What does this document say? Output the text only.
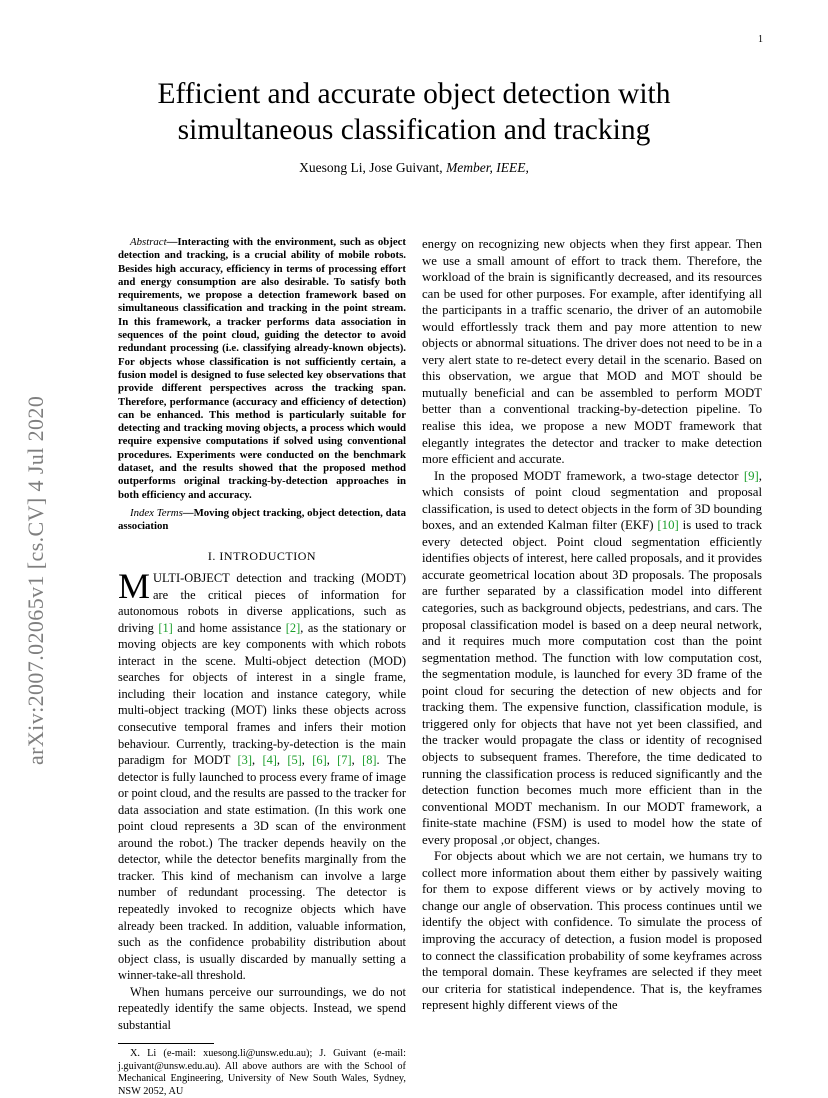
1
arXiv:2007.02065v1 [cs.CV] 4 Jul 2020
Efficient and accurate object detection with
simultaneous classification and tracking
Xuesong Li, Jose Guivant, Member, IEEE,

Abstract—Interacting with the environment, such as object detection and tracking, is a crucial ability of mobile robots. Besides high accuracy, efficiency in terms of processing effort and energy consumption are also desirable. To satisfy both requirements, we propose a detection framework based on simultaneous classification and tracking in the point stream. In this framework, a tracker performs data association in sequences of the point cloud, guiding the detector to avoid redundant processing (i.e. classifying already-known objects). For objects whose classification is not sufficiently certain, a fusion model is designed to fuse selected key observations that provide different perspectives across the tracking span. Therefore, performance (accuracy and efficiency of detection) can be enhanced. This method is particularly suitable for detecting and tracking moving objects, a process which would require expensive computations if solved using conventional procedures. Experiments were conducted on the benchmark dataset, and the results showed that the proposed method outperforms original tracking-by-detection approaches in both efficiency and accuracy.

Index Terms—Moving object tracking, object detection, data association

I. INTRODUCTION

MULTI-OBJECT detection and tracking (MODT) are the critical pieces of information for autonomous robots in diverse applications, such as driving [1] and home assistance [2], as the stationary or moving objects are key components with which robots interact in the scene. Multi-object detection (MOD) searches for objects of interest in a single frame, including their location and instance category, while multi-object tracking (MOT) links these objects across consecutive temporal frames and infers their motion behaviour. Currently, tracking-by-detection is the main paradigm for MODT [3], [4], [5], [6], [7], [8]. The detector is fully launched to process every frame of image or point cloud, and the results are passed to the tracker for data association and state estimation. (In this work one point cloud represents a 3D scan of the environment around the robot.) The tracker depends heavily on the detector, while the detector benefits marginally from the tracker. This kind of mechanism can involve a large number of redundant processing. The detector is repeatedly invoked to recognize objects which have already been tracked. In addition, valuable information, such as the confidence probability distribution about object class, is usually discarded by manually setting a winner-take-all threshold.

When humans perceive our surroundings, we do not repeatedly identify the same objects. Instead, we spend substantial

X. Li (e-mail: xuesong.li@unsw.edu.au); J. Guivant (e-mail: j.guivant@unsw.edu.au). All above authors are with the School of Mechanical Engineering, University of New South Wales, Sydney, NSW 2052, AU

energy on recognizing new objects when they first appear. Then we use a small amount of effort to track them. Therefore, the workload of the brain is significantly decreased, and its resources can be used for other purposes. For example, after identifying all the participants in a traffic scenario, the driver of an automobile would effortlessly track them and pay more attention to new objects or abnormal situations. The driver does not need to be in a very alert state to re-detect every detail in the scenario. Based on this observation, we argue that MOD and MOT should be mutually beneficial and can be assembled to perform MODT better than a conventional tracking-by-detection pipeline. To realise this idea, we propose a new MODT framework that elegantly integrates the detector and tracker to make detection more efficient and accurate.

In the proposed MODT framework, a two-stage detector [9], which consists of point cloud segmentation and proposal classification, is used to detect objects in the form of 3D bounding boxes, and an extended Kalman filter (EKF) [10] is used to track every detected object. Point cloud segmentation efficiently identifies objects of interest, here called proposals, and it provides accurate geometrical location about 3D proposals. The proposals are further separated by a classification model into different categories, such as background objects, pedestrians, and cars. The proposal classification model is based on a deep neural network, and it requires much more computation cost than the point segmentation method. The function with low computation cost, the segmentation module, is launched for every 3D frame of the point cloud for securing the detection of new objects and for tracking them. The expensive function, classification module, is triggered only for objects that have not yet been classified, and the tracker would propagate the class or identity of recognised objects to subsequent frames. Therefore, the time dedicated to running the classification process is reduced significantly and the detection function becomes much more efficient than in the conventional MODT mechanism. In our MODT framework, a finite-state machine (FSM) is used to model how the state of every proposal ,or object, changes.

For objects about which we are not certain, we humans try to collect more information about them either by passively waiting for them to expose different views or by actively moving to change our angle of observation. This process continues until we identify the object with confidence. To simulate the process of improving the accuracy of detection, a fusion model is proposed to connect the classification probability of some keyframes across the temporal domain. These keyframes are selected if they meet our criteria for statistical independence. That is, the keyframes represent highly different views of the
